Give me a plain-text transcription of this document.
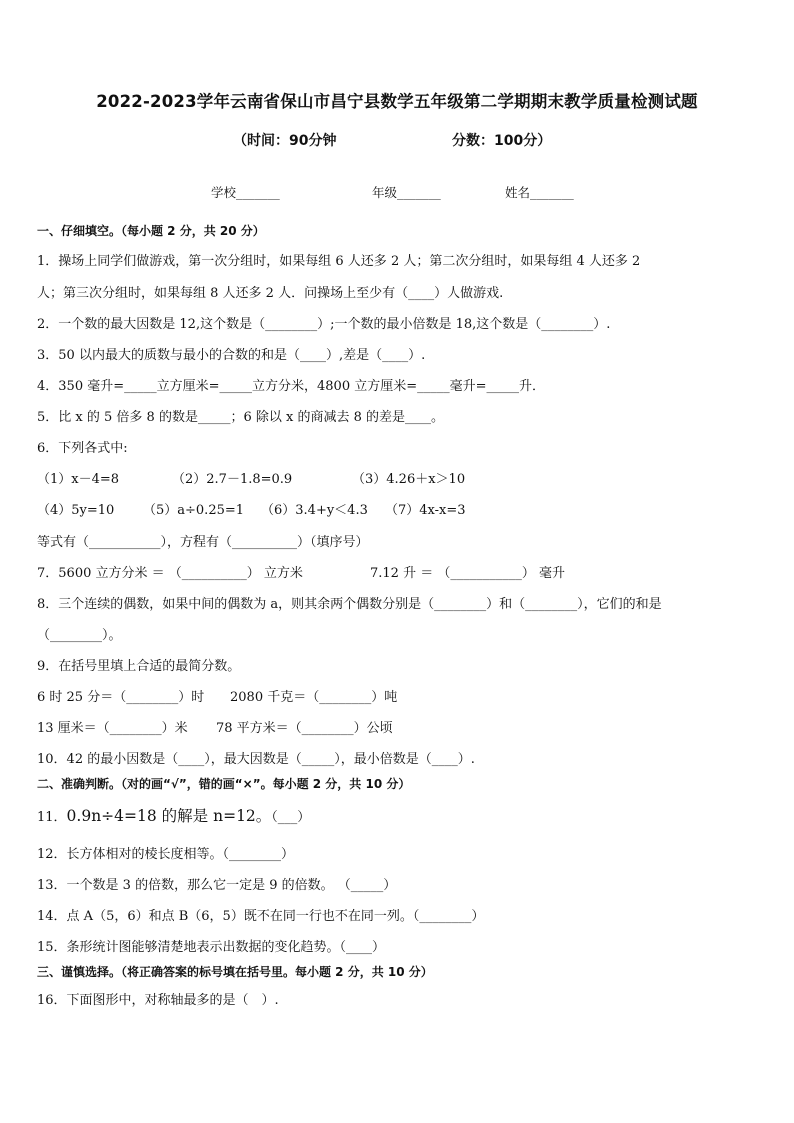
2022-2023学年云南省保山市昌宁县数学五年级第二学期期末教学质量检测试题
（时间：90分钟	分数：100分）
学校_______	年级_______	姓名_______
一、仔细填空。（每小题 2 分，共 20 分）
1．操场上同学们做游戏，第一次分组时，如果每组 6 人还多 2 人；第二次分组时，如果每组 4 人还多 2
人；第三次分组时，如果每组 8 人还多 2 人．问操场上至少有（____）人做游戏.
2．一个数的最大因数是 12,这个数是（________）;一个数的最小倍数是 18,这个数是（________）.
3．50 以内最大的质数与最小的合数的和是（____）,差是（____）.
4．350 毫升=_____立方厘米=_____立方分米，4800 立方厘米=_____毫升=_____升．
5．比 x 的 5 倍多 8 的数是_____；6 除以 x 的商减去 8 的差是____。
6．下列各式中:
（1）x－4=8	（2）2.7－1.8=0.9	（3）4.26＋x＞10
（4）5y=10 （5）a÷0.25=1 （6）3.4+y＜4.3 （7）4x-x=3
等式有（___________），方程有（__________）（填序号）
7．5600 立方分米 ＝ （__________） 立方米	7.12 升 ＝ （___________） 毫升
8．三个连续的偶数，如果中间的偶数为 a，则其余两个偶数分别是（________）和（________），它们的和是
（________）。
9．在括号里填上合适的最简分数。
6 时 25 分＝（________）时 2080 千克＝（________）吨
13 厘米＝（________）米 78 平方米＝（________）公顷
10．42 的最小因数是（____），最大因数是（_____），最小倍数是（____）.
二、准确判断。（对的画“√”，错的画“×”。每小题 2 分，共 10 分）
11．0.9n÷4=18 的解是 n=12。（___）
12．长方体相对的棱长度相等。（________）
13．一个数是 3 的倍数，那么它一定是 9 的倍数。 （_____）
14．点 A（5，6）和点 B（6，5）既不在同一行也不在同一列。（________）
15．条形统计图能够清楚地表示出数据的变化趋势。（____）
三、谨慎选择。（将正确答案的标号填在括号里。每小题 2 分，共 10 分）
16．下面图形中，对称轴最多的是（　）.
